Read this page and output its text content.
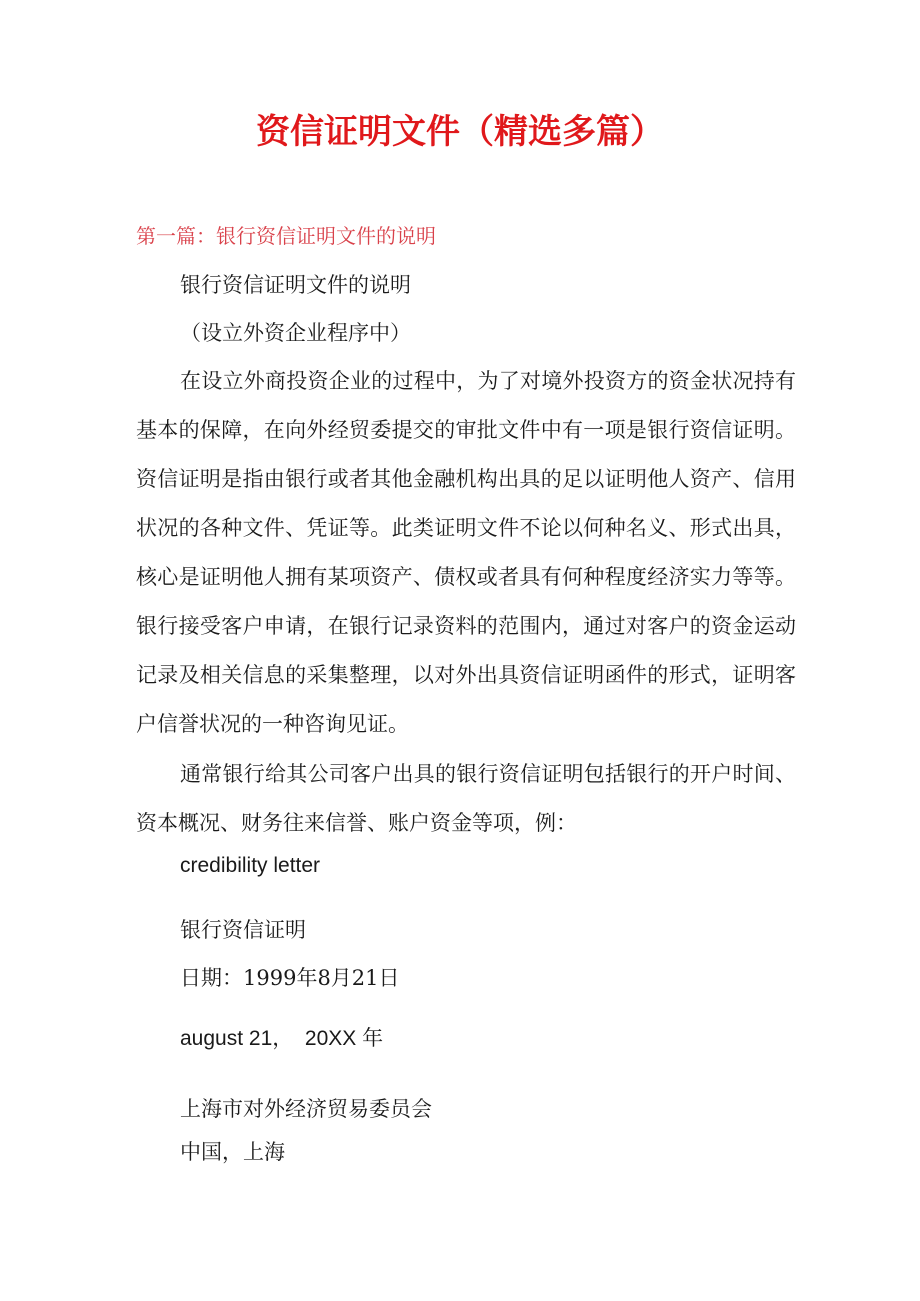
资信证明文件（精选多篇）

第一篇：银行资信证明文件的说明

银行资信证明文件的说明

（设立外资企业程序中）

在设立外商投资企业的过程中，为了对境外投资方的资金状况持有基本的保障，在向外经贸委提交的审批文件中有一项是银行资信证明。资信证明是指由银行或者其他金融机构出具的足以证明他人资产、信用状况的各种文件、凭证等。此类证明文件不论以何种名义、形式出具，核心是证明他人拥有某项资产、债权或者具有何种程度经济实力等等。银行接受客户申请，在银行记录资料的范围内，通过对客户的资金运动记录及相关信息的采集整理，以对外出具资信证明函件的形式，证明客户信誉状况的一种咨询见证。

通常银行给其公司客户出具的银行资信证明包括银行的开户时间、资本概况、财务往来信誉、账户资金等项，例：

credibility letter

银行资信证明

日期：1999年8月21日

august 21，  20XX 年

上海市对外经济贸易委员会

中国，上海
